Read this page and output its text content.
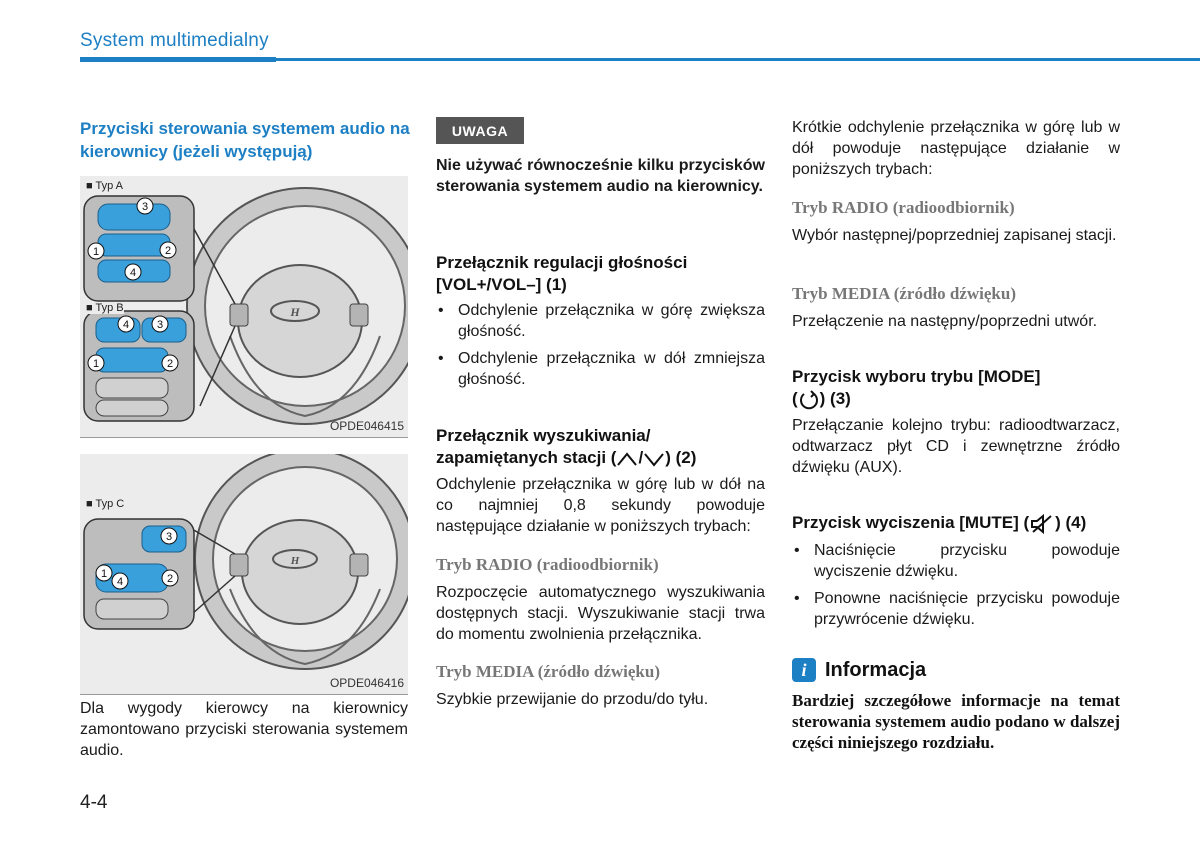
System multimedialny
Przyciski sterowania systemem audio na kierownicy (jeżeli występują)
H
3
1	2
4
4	3
1	2
■ Typ A
■ Typ B
OPDE046415
H
3
1
4	2
■ Typ C
OPDE046416
Dla wygody kierowcy na kierownicy zamontowano przyciski sterowania systemem audio.
UWAGA
Nie używać równocześnie kilku przycisków sterowania systemem audio na kierownicy.
Przełącznik regulacji głośności [VOL+/VOL–] (1)
• Odchylenie przełącznika w górę zwiększa głośność.
• Odchylenie przełącznika w dół zmniejsza głośność.
Przełącznik wyszukiwania/
zapamiętanych stacji ( / ) (2)
Odchylenie przełącznika w górę lub w dół na co najmniej 0,8 sekundy powoduje następujące działanie w poniższych trybach:
Tryb RADIO (radioodbiornik)
Rozpoczęcie automatycznego wyszukiwania dostępnych stacji. Wyszukiwanie stacji trwa do momentu zwolnienia przełącznika.
Tryb MEDIA (źródło dźwięku)
Szybkie przewijanie do przodu/do tyłu.
Krótkie odchylenie przełącznika w górę lub w dół powoduje następujące działanie w poniższych trybach:
Tryb RADIO (radioodbiornik)
Wybór następnej/poprzedniej zapisanej stacji.
Tryb MEDIA (źródło dźwięku)
Przełączenie na następny/poprzedni utwór.
Przycisk wyboru trybu [MODE]
( ) (3)
Przełączanie kolejno trybu: radioodtwarzacz, odtwarzacz płyt CD i zewnętrzne źródło dźwięku (AUX).
Przycisk wyciszenia [MUTE] ( ) (4)
• Naciśnięcie przycisku powoduje wyciszenie dźwięku.
• Ponowne naciśnięcie przycisku powoduje przywrócenie dźwięku.
i Informacja
Bardziej szczegółowe informacje na temat sterowania systemem audio podano w dalszej części niniejszego rozdziału.
4-4
